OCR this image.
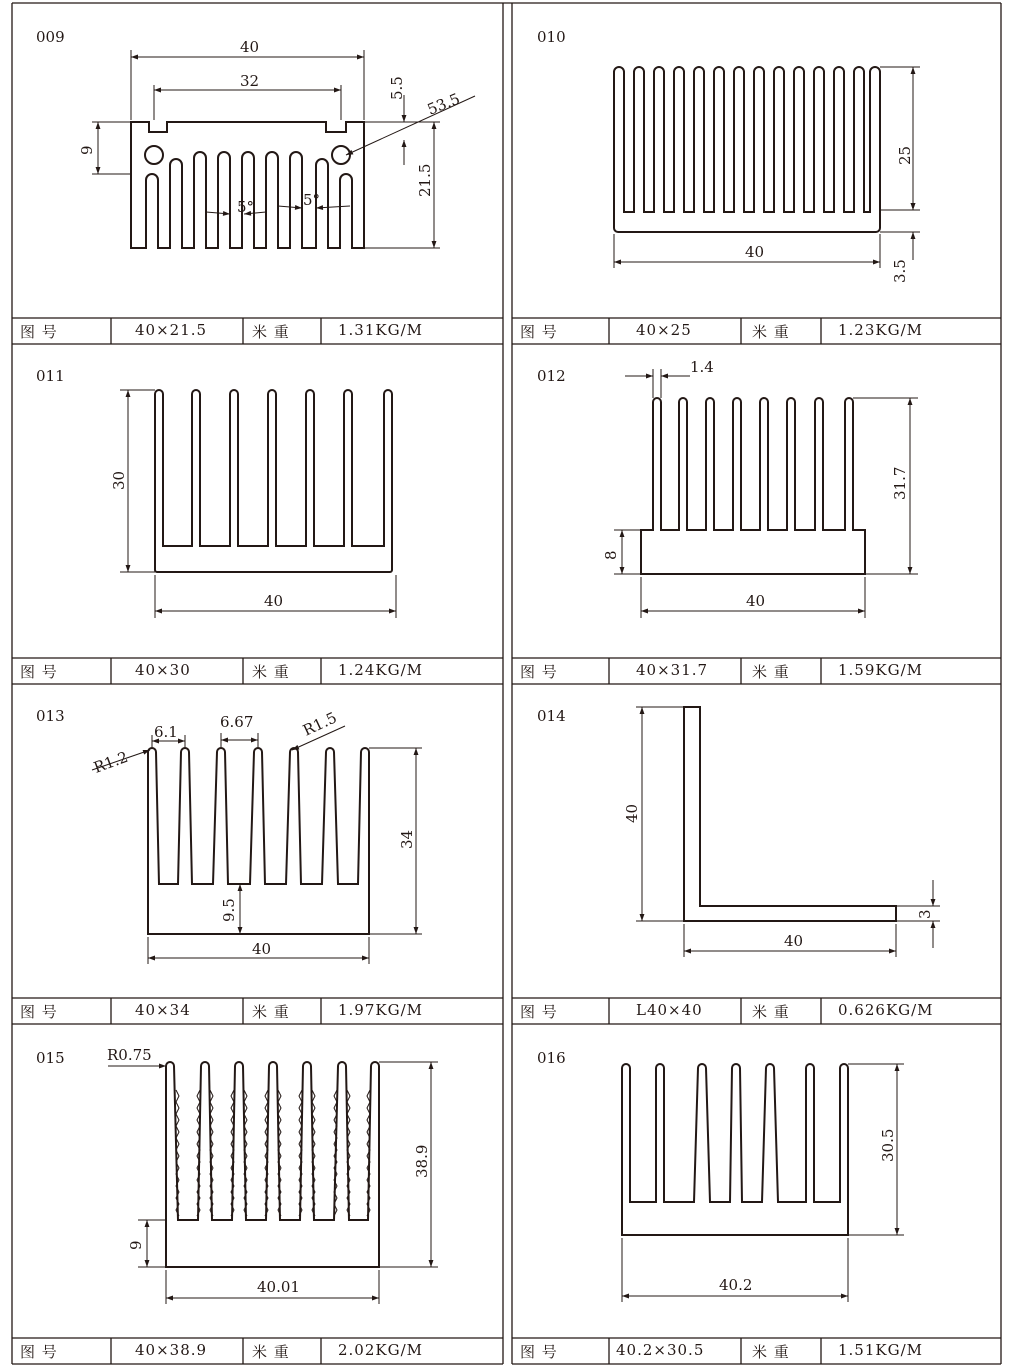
图 号	40×21.5	米 重	1.31KG/M	图 号	40×25	米 重	1.23KG/M
图 号	40×30	米 重	1.24KG/M	图 号	40×31.7	米 重	1.59KG/M
图 号	40×34	米 重	1.97KG/M	图 号	L40×40	米 重	0.626KG/M
图 号	40×38.9	米 重	2.02KG/M	图 号	40.2×30.5	米 重	1.51KG/M
009	010
011	012
013	014
015	016
40
32	5.5
53.5
9
21.5
5°	5°
25
40
3.5
30
40
1.4
31.7
8
40
6.1
6.67
R1.2
R1.5
34
9.5
40
40
3
40
R0.75
38.9
9
40.01
30.5
40.2
